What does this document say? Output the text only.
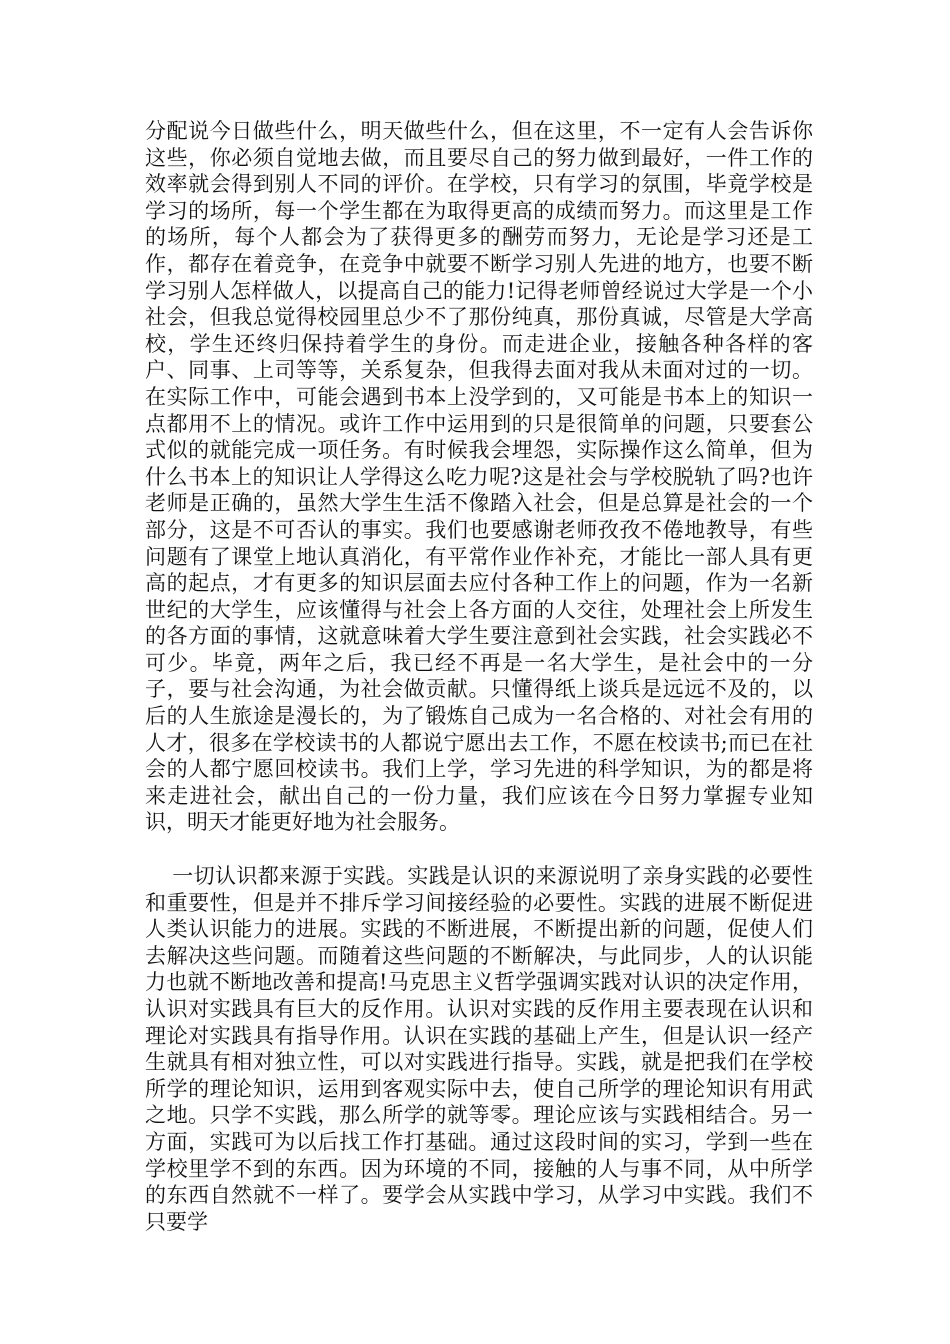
分配说今日做些什么，明天做些什么，但在这里，不一定有人会告诉你这些，你必须自觉地去做，而且要尽自己的努力做到最好，一件工作的效率就会得到别人不同的评价。在学校，只有学习的氛围，毕竟学校是学习的场所，每一个学生都在为取得更高的成绩而努力。而这里是工作的场所，每个人都会为了获得更多的酬劳而努力，无论是学习还是工作，都存在着竞争，在竞争中就要不断学习别人先进的地方，也要不断学习别人怎样做人，以提高自己的能力!记得老师曾经说过大学是一个小社会，但我总觉得校园里总少不了那份纯真，那份真诚，尽管是大学高校，学生还终归保持着学生的身份。而走进企业，接触各种各样的客户、同事、上司等等，关系复杂，但我得去面对我从未面对过的一切。在实际工作中，可能会遇到书本上没学到的，又可能是书本上的知识一点都用不上的情况。或许工作中运用到的只是很简单的问题，只要套公式似的就能完成一项任务。有时候我会埋怨，实际操作这么简单，但为什么书本上的知识让人学得这么吃力呢?这是社会与学校脱轨了吗?也许老师是正确的，虽然大学生生活不像踏入社会，但是总算是社会的一个部分，这是不可否认的事实。我们也要感谢老师孜孜不倦地教导，有些问题有了课堂上地认真消化，有平常作业作补充，才能比一部人具有更高的起点，才有更多的知识层面去应付各种工作上的问题，作为一名新世纪的大学生，应该懂得与社会上各方面的人交往，处理社会上所发生的各方面的事情，这就意味着大学生要注意到社会实践，社会实践必不可少。毕竟，两年之后，我已经不再是一名大学生，是社会中的一分子，要与社会沟通，为社会做贡献。只懂得纸上谈兵是远远不及的，以后的人生旅途是漫长的，为了锻炼自己成为一名合格的、对社会有用的人才，很多在学校读书的人都说宁愿出去工作，不愿在校读书;而已在社会的人都宁愿回校读书。我们上学，学习先进的科学知识，为的都是将来走进社会，献出自己的一份力量，我们应该在今日努力掌握专业知识，明天才能更好地为社会服务。

一切认识都来源于实践。实践是认识的来源说明了亲身实践的必要性和重要性，但是并不排斥学习间接经验的必要性。实践的进展不断促进人类认识能力的进展。实践的不断进展，不断提出新的问题，促使人们去解决这些问题。而随着这些问题的不断解决，与此同步，人的认识能力也就不断地改善和提高!马克思主义哲学强调实践对认识的决定作用，认识对实践具有巨大的反作用。认识对实践的反作用主要表现在认识和理论对实践具有指导作用。认识在实践的基础上产生，但是认识一经产生就具有相对独立性，可以对实践进行指导。实践，就是把我们在学校所学的理论知识，运用到客观实际中去，使自己所学的理论知识有用武之地。只学不实践，那么所学的就等零。理论应该与实践相结合。另一方面，实践可为以后找工作打基础。通过这段时间的实习，学到一些在学校里学不到的东西。因为环境的不同，接触的人与事不同，从中所学的东西自然就不一样了。要学会从实践中学习，从学习中实践。我们不只要学
